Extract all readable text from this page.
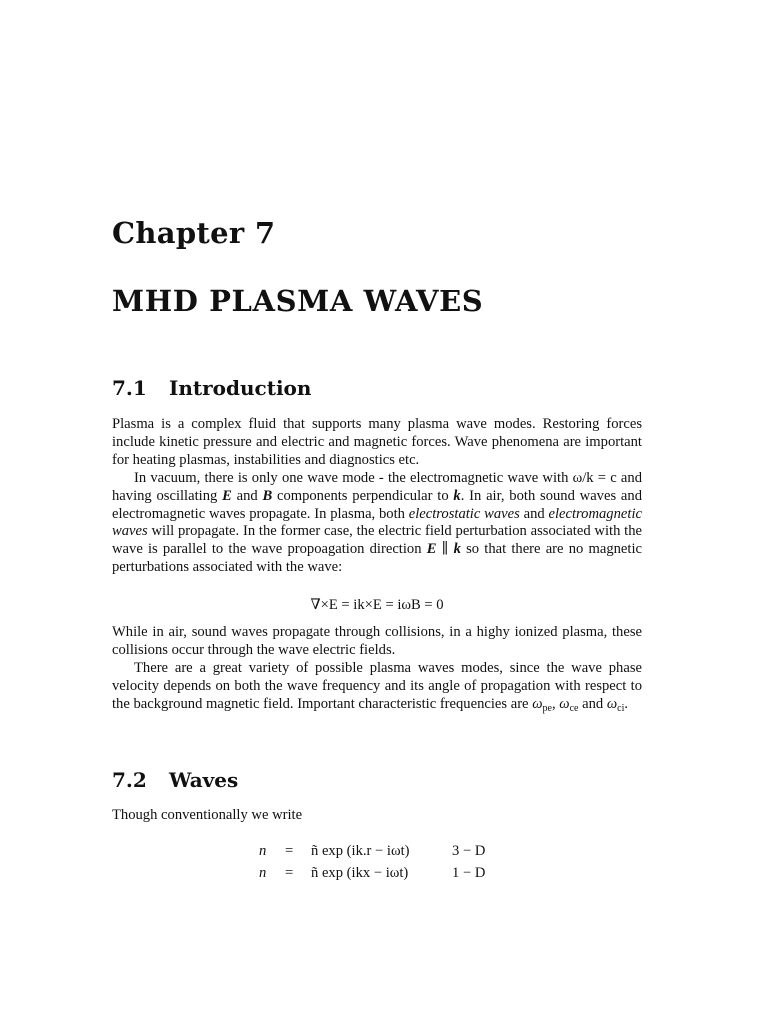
Chapter 7
MHD PLASMA WAVES
7.1 Introduction

Plasma is a complex fluid that supports many plasma wave modes. Restoring forces include kinetic pressure and electric and magnetic forces. Wave phenomena are important for heating plasmas, instabilities and diagnostics etc.

In vacuum, there is only one wave mode - the electromagnetic wave with ω/k = c and having oscillating E and B components perpendicular to k. In air, both sound waves and electromagnetic waves propagate. In plasma, both electrostatic waves and electromagnetic waves will propagate. In the former case, the electric field perturbation associated with the wave is parallel to the wave propoagation direction E ∥ k so that there are no magnetic perturbations associated with the wave:

∇×E = ik×E = iωB = 0

While in air, sound waves propagate through collisions, in a highy ionized plasma, these collisions occur through the wave electric fields.

There are a great variety of possible plasma waves modes, since the wave phase velocity depends on both the wave frequency and its angle of propagation with respect to the background magnetic field. Important characteristic frequencies are $\omega_{pe}$, $\omega_{ce}$ and $\omega_{ci}$.

7.2 Waves
Though conventionally we write
n = ñ exp (ik.r − iωt)	3 − D
n = ñ exp (ikx − iωt)	1 − D
